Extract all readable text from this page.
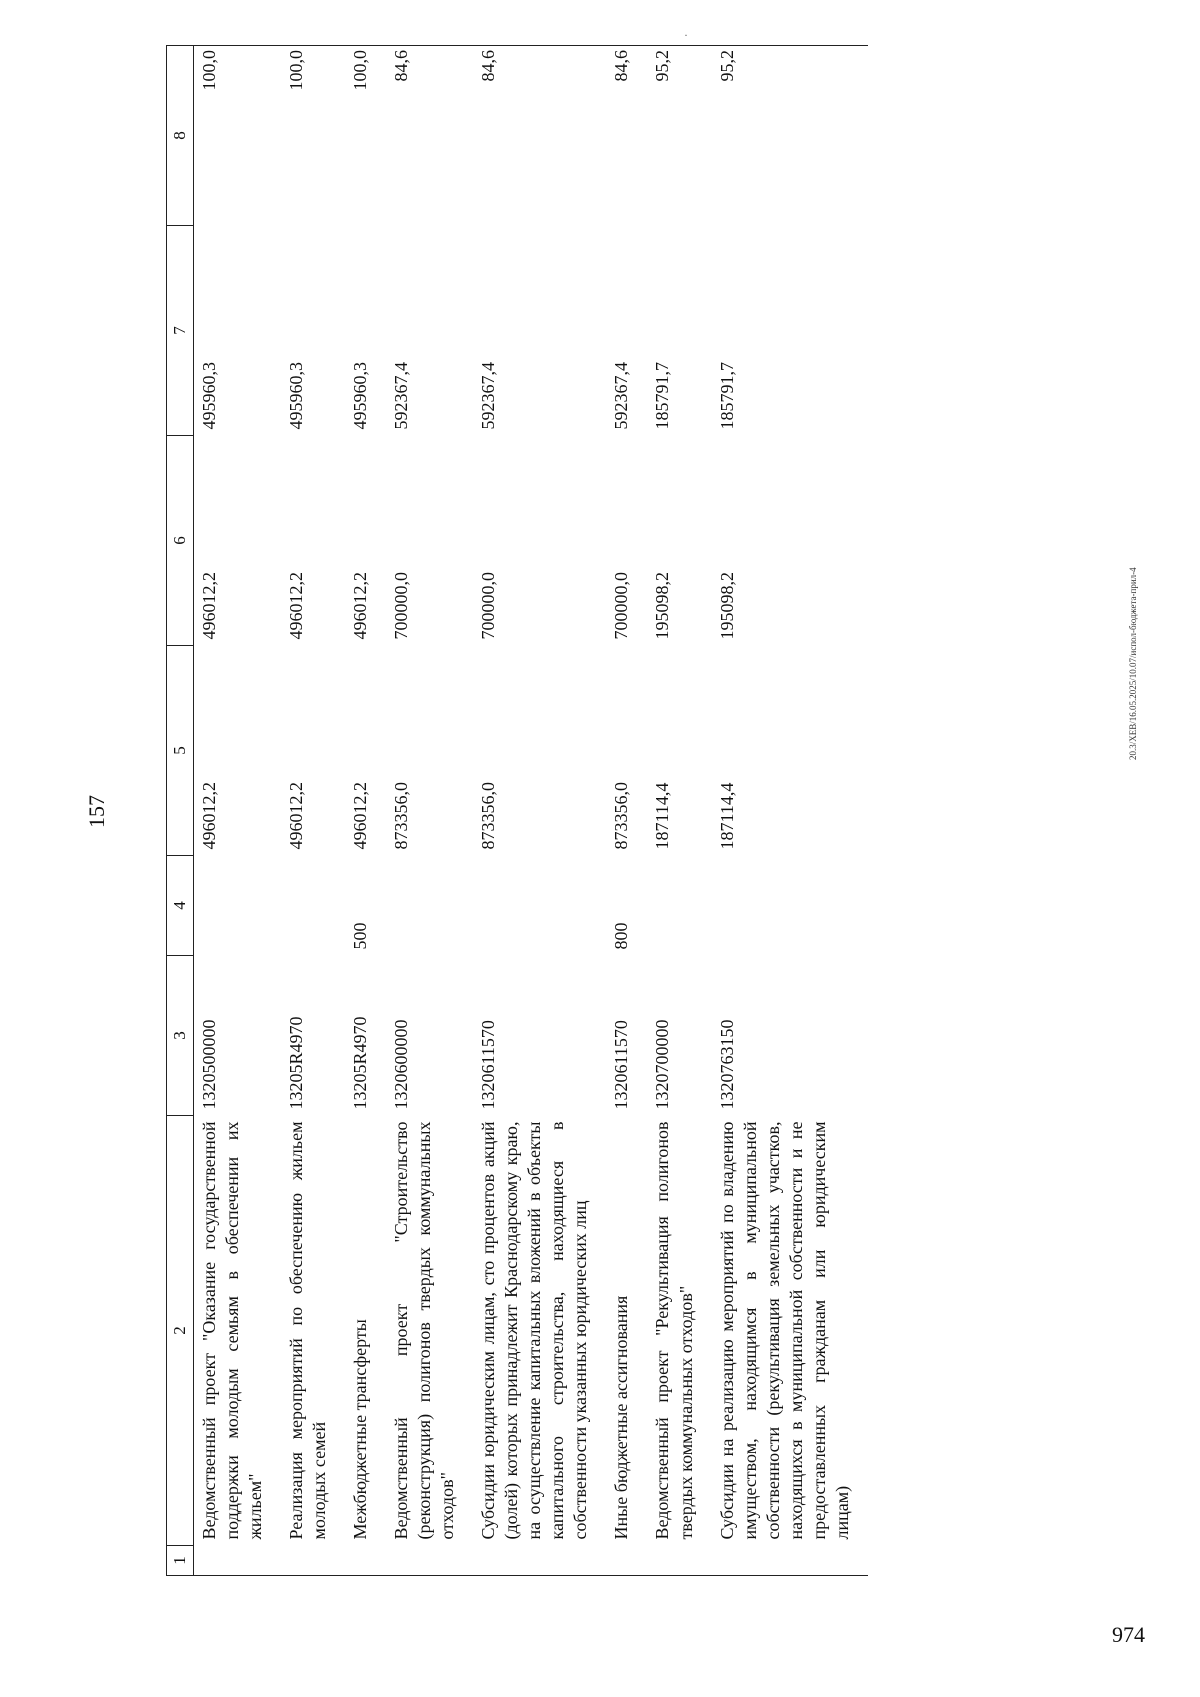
157
·
1	2	3	4	5	6	7	8
	Ведомственный проект "Оказание государственной поддержки молодым семьям в обеспечении их жильем"	1320500000		496012,2	496012,2	495960,3	100,0
	Реализация мероприятий по обеспечению жильем молодых семей	13205R4970		496012,2	496012,2	495960,3	100,0
	Межбюджетные трансферты	13205R4970	500	496012,2	496012,2	495960,3	100,0
	Ведомственный проект "Строительство (реконструкция) полигонов твердых коммунальных отходов"	1320600000		873356,0	700000,0	592367,4	84,6
	Субсидии юридическим лицам, сто процентов акций (долей) которых принадлежит Краснодарскому краю, на осуществление капитальных вложений в объекты капитального строительства, находящиеся в собственности указанных юридических лиц	1320611570		873356,0	700000,0	592367,4	84,6
	Иные бюджетные ассигнования	1320611570	800	873356,0	700000,0	592367,4	84,6
	Ведомственный проект "Рекультивация полигонов твердых коммунальных отходов"	1320700000		187114,4	195098,2	185791,7	95,2
	Субсидии на реализацию мероприятий по владению имуществом, находящимся в муниципальной собственности (рекультивация земельных участков, находящихся в муниципальной собственности и не предоставленных гражданам или юридическим лицам)	1320763150		187114,4	195098,2	185791,7	95,2
20.3/ХЕВ/16.05.2025/10.07/испол-бюджета-прил-4
974
